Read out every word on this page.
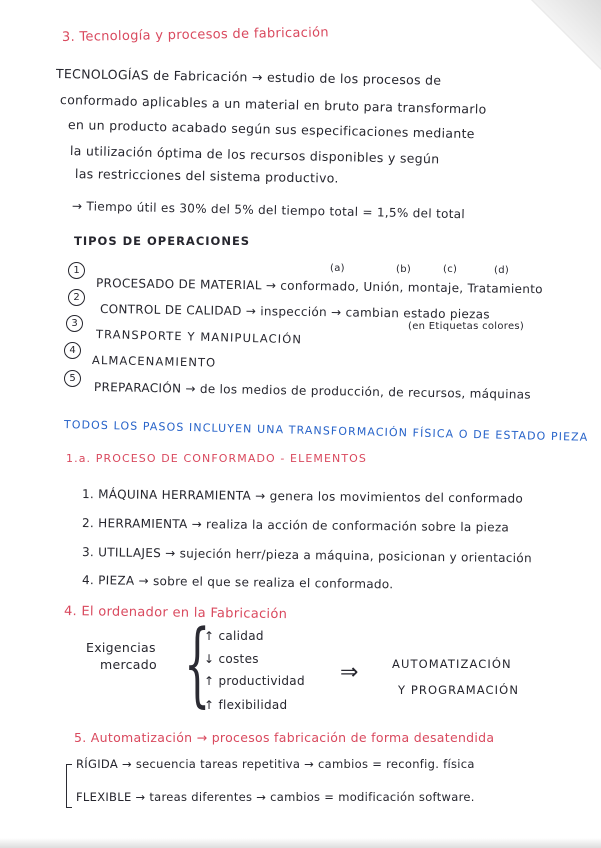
3. Tecnología y procesos de fabricación
TECNOLOGÍAS de Fabricación → estudio de los procesos de
conformado aplicables a un material en bruto para transformarlo
en un producto acabado según sus especificaciones mediante
la utilización óptima de los recursos disponibles y según
las restricciones del sistema productivo.
→ Tiempo útil es 30% del 5% del tiempo total = 1,5% del total
TIPOS DE OPERACIONES
(a)	(b)	(c)	(d)
1
PROCESADO DE MATERIAL → conformado, Unión, montaje, Tratamiento
2
CONTROL DE CALIDAD → inspección → cambian estado piezas
(en Etiquetas colores)
3
TRANSPORTE Y MANIPULACIÓN
4
ALMACENAMIENTO
5
PREPARACIÓN → de los medios de producción, de recursos, máquinas
TODOS LOS PASOS INCLUYEN UNA TRANSFORMACIÓN FÍSICA O DE ESTADO PIEZA
1.a. PROCESO DE CONFORMADO - ELEMENTOS
1. MÁQUINA HERRAMIENTA → genera los movimientos del conformado
2. HERRAMIENTA → realiza la acción de conformación sobre la pieza
3. UTILLAJES → sujeción herr/pieza a máquina, posicionan y orientación
4. PIEZA → sobre el que se realiza el conformado.
4. El ordenador en la Fabricación
Exigencias
mercado {
↑ calidad
↓ costes
↑ productividad
↑ flexibilidad
⇒	AUTOMATIZACIÓN
Y PROGRAMACIÓN
5. Automatización → procesos fabricación de forma desatendida
RÍGIDA → secuencia tareas repetitiva → cambios = reconfig. física
FLEXIBLE → tareas diferentes → cambios = modificación software.
